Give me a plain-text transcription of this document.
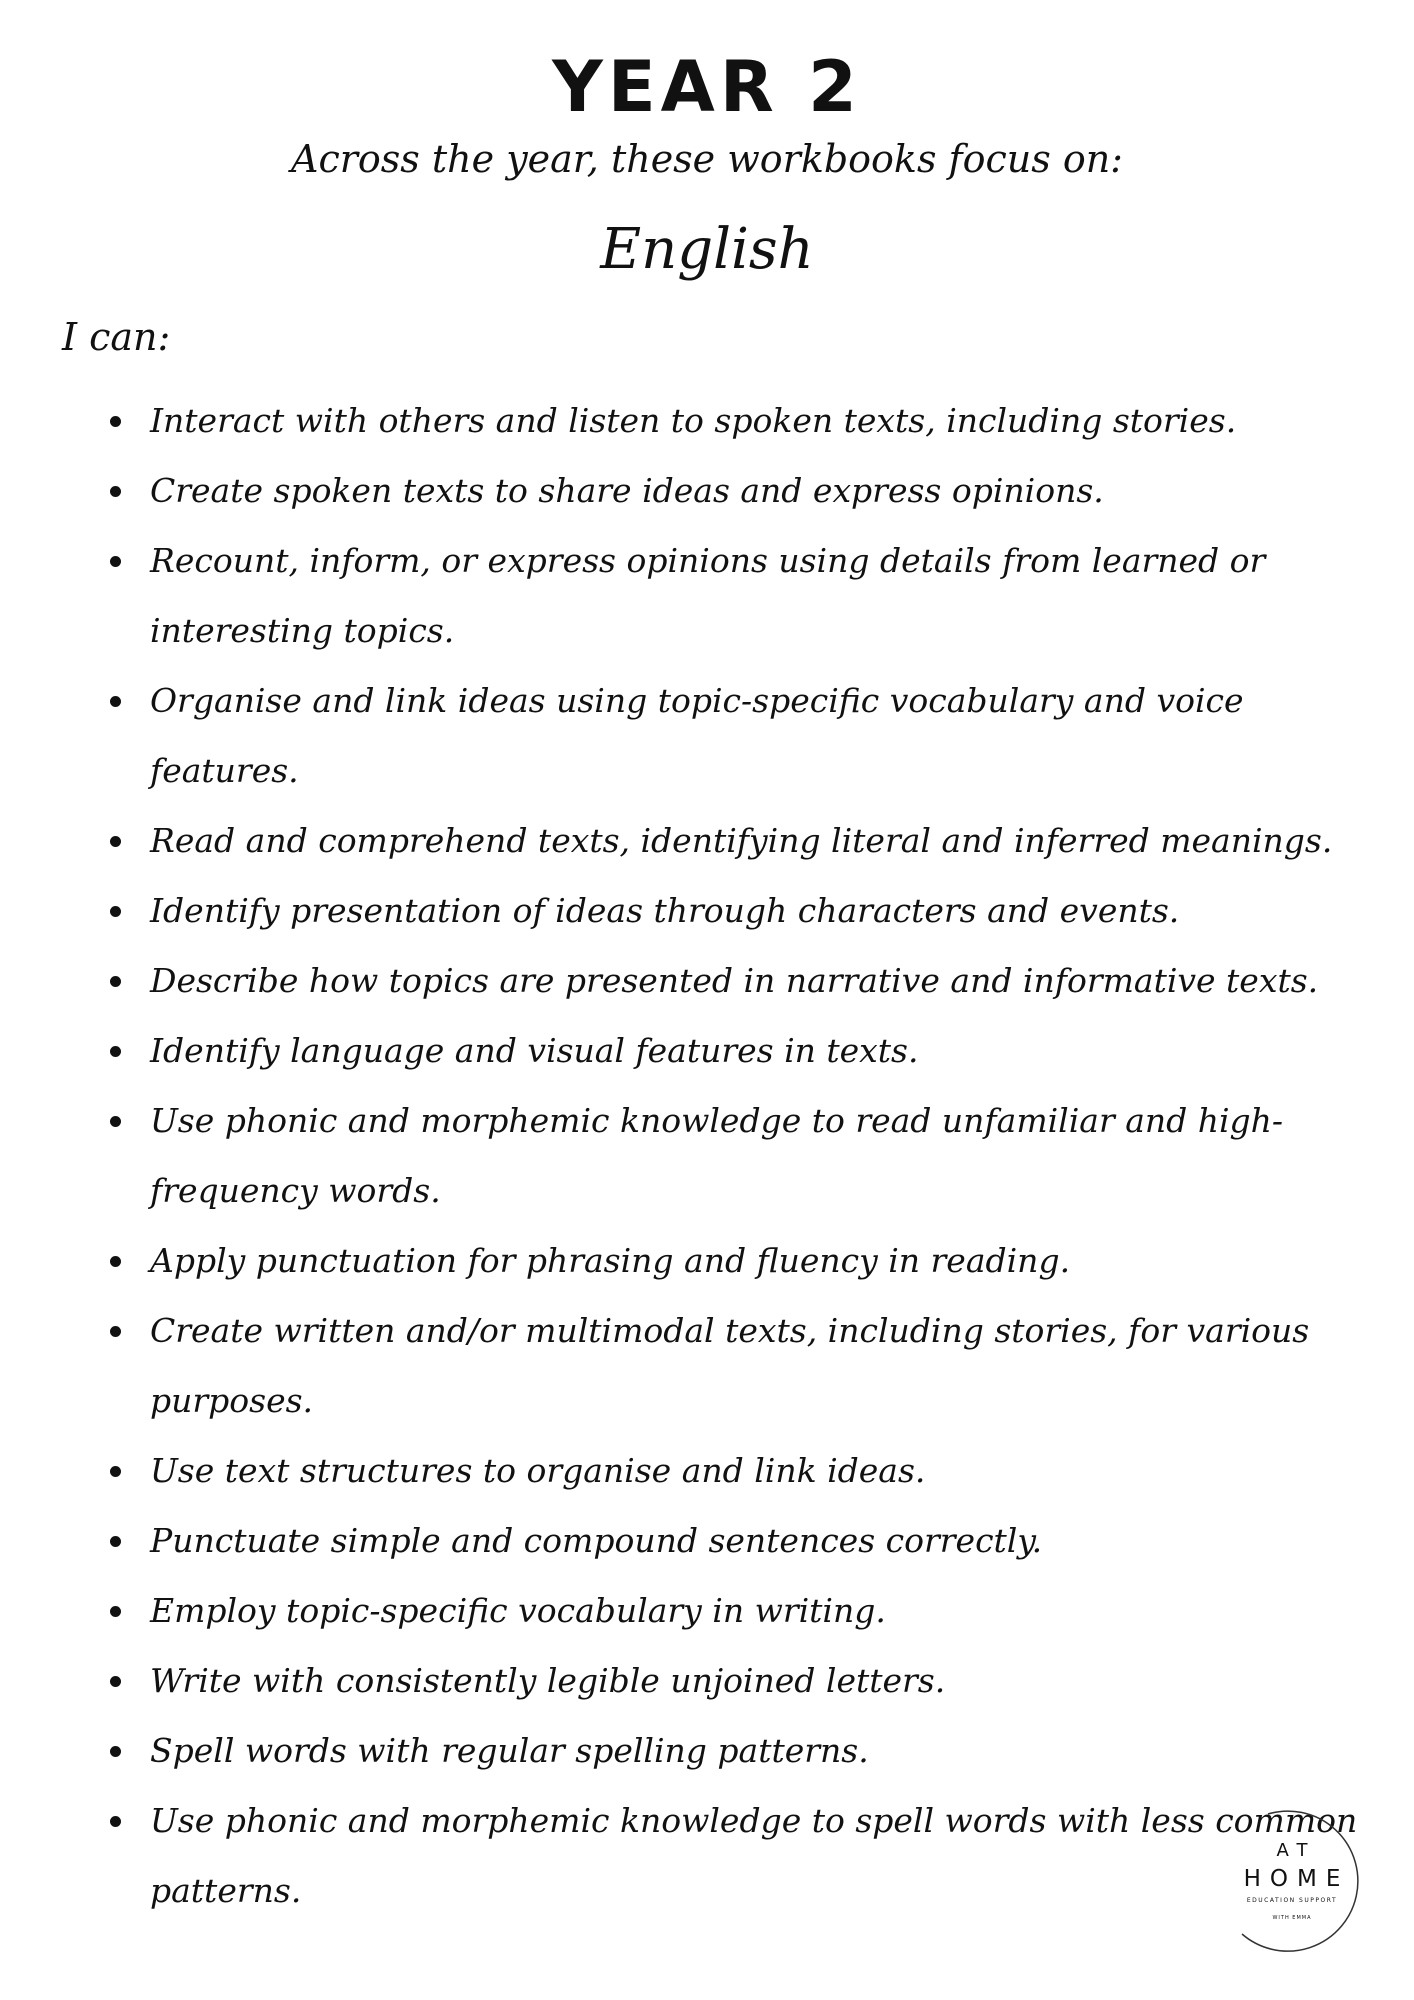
YEAR 2

Across the year, these workbooks focus on:

English

I can:

Interact with others and listen to spoken texts, including stories.
Create spoken texts to share ideas and express opinions.
Recount, inform, or express opinions using details from learned or interesting topics.
Organise and link ideas using topic-specific vocabulary and voice features.
Read and comprehend texts, identifying literal and inferred meanings.
Identify presentation of ideas through characters and events.
Describe how topics are presented in narrative and informative texts.
Identify language and visual features in texts.
Use phonic and morphemic knowledge to read unfamiliar and high-frequency words.
Apply punctuation for phrasing and fluency in reading.
Create written and/or multimodal texts, including stories, for various purposes.
Use text structures to organise and link ideas.
Punctuate simple and compound sentences correctly.
Employ topic-specific vocabulary in writing.
Write with consistently legible unjoined letters.
Spell words with regular spelling patterns.
Use phonic and morphemic knowledge to spell words with less common patterns.
AT
HOME
EDUCATION SUPPORT
WITH EMMA
